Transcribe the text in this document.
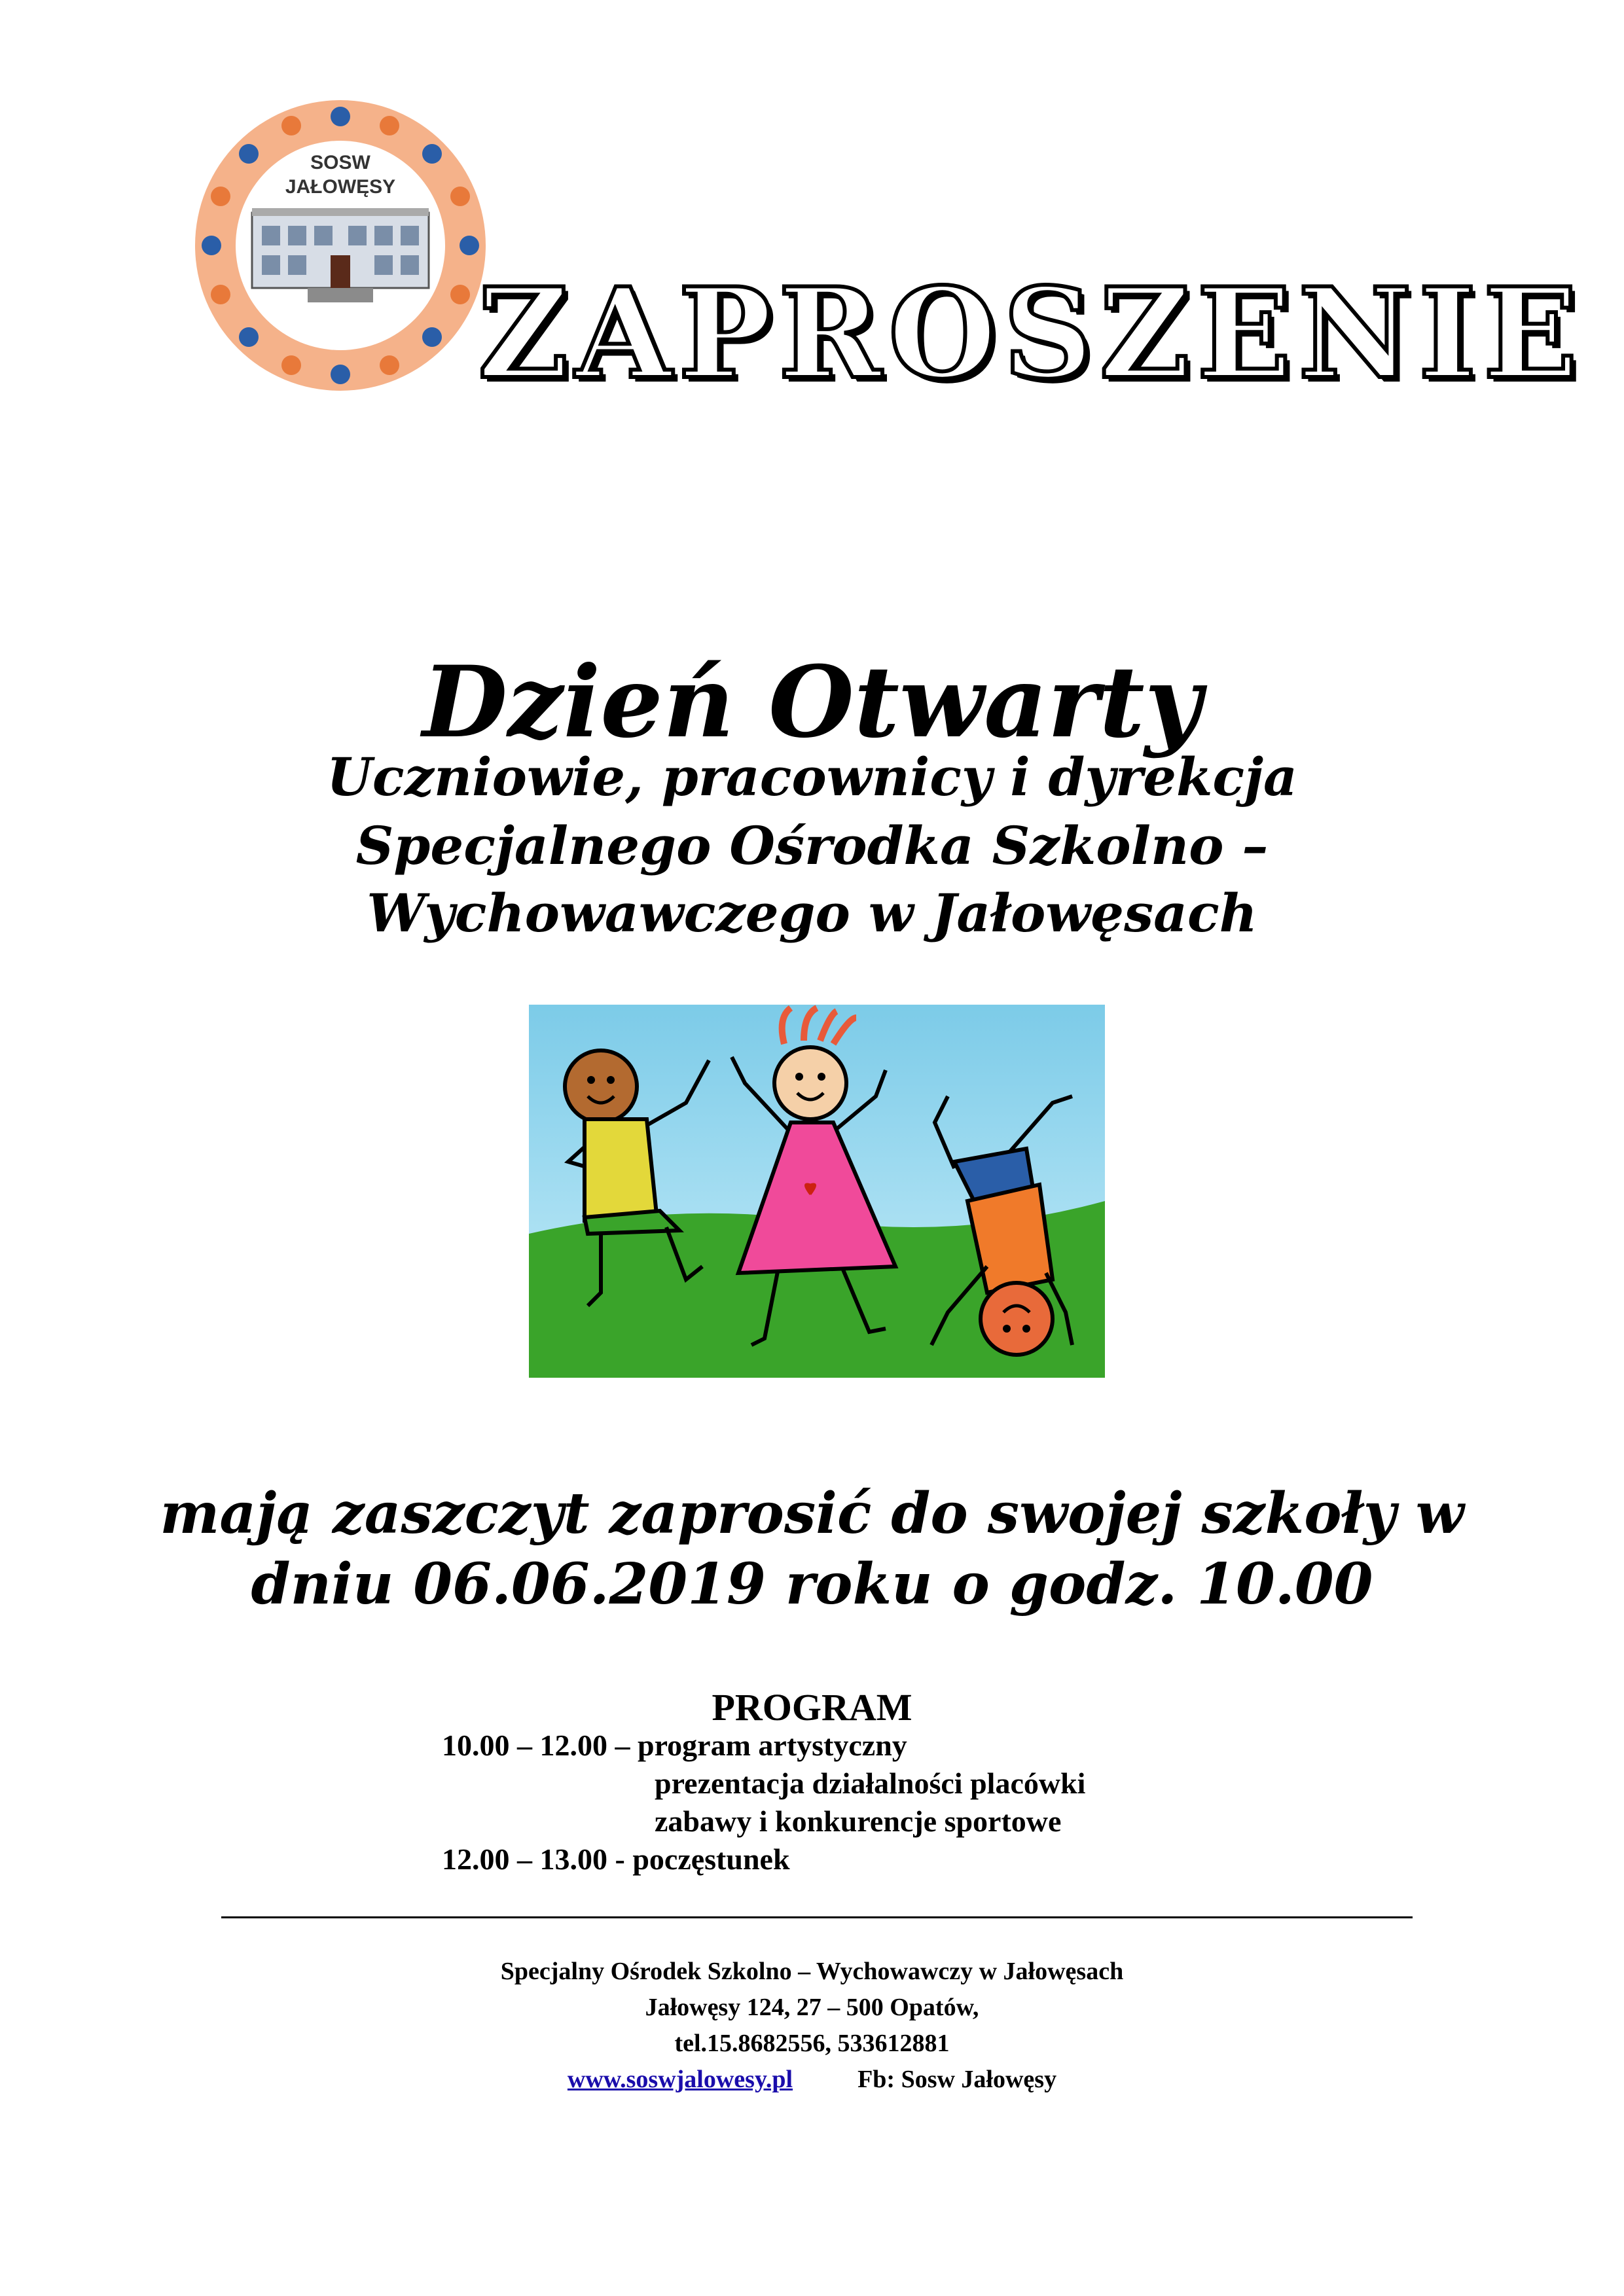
SOSW
JAŁOWĘSY
ZAPROSZENIE
Dzień Otwarty
Uczniowie, pracownicy i dyrekcja
Specjalnego Ośrodka Szkolno –
Wychowawczego w Jałowęsach
mają zaszczyt zaprosić do swojej szkoły w
dniu 06.06.2019 roku o godz. 10.00
PROGRAM
10.00 – 12.00 – program artystyczny
prezentacja działalności placówki
zabawy i konkurencje sportowe
12.00 – 13.00 - poczęstunek
Specjalny Ośrodek Szkolno – Wychowawczy w Jałowęsach
Jałowęsy 124, 27 – 500 Opatów,
tel.15.8682556, 533612881
www.soswjalowesy.pl	Fb: Sosw Jałowęsy
